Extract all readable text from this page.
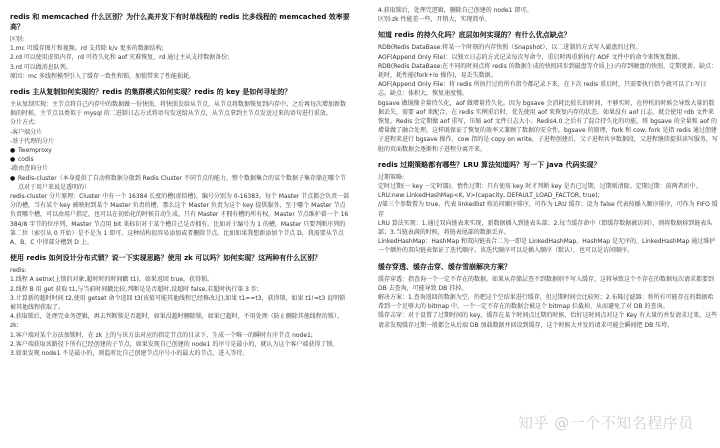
redis 和 memcached 什么区别？为什么高并发下有时单线程的 redis 比多线程的 memcached 效率要高？
区别:
1.mc 可缓存图片和视频。rd 支持除 k/v 更多的数据结构;
2.rd 可以使用虚拟内存，rd 可持久化和 aof 灾难恢复，rd 通过主从支持数据备份;
3.rd 可以做消息队列。
原因：mc 多线程模型引入了缓存一致性和锁，加锁带来了性能损耗。
redis 主从复制如何实现的？redis 的集群模式如何实现？redis 的 key 是如何寻址的？
主从复制实现：主节点将自己内存中的数据做一份快照，将快照发给从节点，从节点将数据恢复到内存中。之后再每次增加新数据的时候，主节点以类似于 mysql 的二进制日志方式将语句发送给从节点，从节点拿到主节点发送过来的语句进行重放。
分片方式:
-客户端分片
-基于代理的分片
● Twemproxy
● codis
-路由查询分片
● Redis-cluster（本身提供了自动将数据分散到 Redis Cluster 不同节点的能力，整个数据集合的某个数据子集存储在哪个节点对于用户来说是透明的）
redis-cluster 分片原理：Cluster 中有一个 16384 长度的槽(虚拟槽)，编号分别为 0-16383。每个 Master 节点都会负责一部分的槽，当有某个 key 被映射到某个 Master 负责的槽，那么这个 Master 负责为这个 key 提供服务，至于哪个 Master 节点负责哪个槽，可以由用户指定，也可以在初始化的时候自动生成，只有 Master 才拥有槽的所有权。Master 节点维护着一个 16384/8 字节的位序列，Master 节点用 bit 来标识对于某个槽自己是否拥有。比如对于编号为 1 的槽，Master 只要判断序列的第二位（索引从 0 开始）是不是为 1 即可。这种结构很容易添加或者删除节点。比如如果我想新添加个节点 D，我需要从节点 A、B、C 中得部分槽到 D 上。
使用 redis 如何设计分布式锁？说一下实现思路？使用 zk 可以吗？如何实现？这两种有什么区别？
redis:
1.线程 A setnx(上锁的对象,超时时的时间戳 t1)，如果返回 true，获得锁。
2.线程 B 用 get 获取 t1,与当前时间戳比较,判断是是否超时,没超时 false,若超时执行第 3 步;
3.计算新的超时时间 t2,使用 getset 命令返回 t3(该值可能其他线程已经修改过),如果 t1==t3，获得锁，如果 t1!=t3 说明锁被其他线程获取了。
4.获取锁后，处理完业务逻辑，再去判断锁是否超时，如果没超时删除锁，如果已超时，不用处理（防止删除其他线程的锁）。
zk:
1.客户端对某个方法加锁时，在 zk 上的与该方法对应的指定节点的目录下，生成一个唯一的瞬时有序节点 node1;
2.客户端获取该路径下所有已经创建的子节点，如果发现自己创建的 node1 的序号是最小的，就认为这个客户端获得了锁。
3.如果发现 node1 不是最小的，则监听比自己创建节点序号小的最大的节点，进入等待。
4.获取锁后，处理完逻辑，删除自己创建的 node1 即可。
区别:zk 性能差一些，开销大，实现简单。
知道 redis 的持久化吗？底层如何实现的？有什么优点缺点？
RDB(Redis DataBase:将某一个时刻的内存快照（Snapshot），以二进制的方式写入磁盘的过程。
AOF(Append Only File)：以独立日志的方式记录每次写命令，重启时再重新执行 AOF 文件中的命令来恢复数据。
RDB(Redis DataBase:在不同的时间点将 redis 的数据生成的快照同步到磁盘等介质上):内存到硬盘的快照，定期更新。缺点：耗时，耗性能(fork+io 操作)，易丢失数据。
AOF(Append Only File：将 redis 所执行过的所有指令都记录下来，在下次 redis 重启时，只需要执行指令就可以了):写日志。缺点：体积大，恢复速度慢。
bgsave 做镜像全量持久化，aof 做增量持久化。因为 bgsave 会消耗比较长的时间，不够实时，在停机的时候会导致大量的数据丢失，需要 aof 来配合，在 redis 实例重启时，优先使用 aof 来恢复内存的状态，如果没有 aof 日志，就会使用 rdb 文件来恢复。Redis 会定期做 aof 重写，压缩 aof 文件日志大小。Redis4.0 之后有了混合持久化的功能，将 bgsave 的全量和 aof 的增量做了融合处理，这样既保证了恢复的效率又兼顾了数据的安全性。bgsave 的原理，fork 和 cow, fork 是指 redis 通过创建子进程来进行 bgsave 操作，cow 指的是 copy on write，子进程创建后，父子进程共享数据段，父进程继续提供读写服务，写脏的页面数据会逐渐和子进程分离开来。
redis 过期策略都有哪些？LRU 算法知道吗？写一下 java 代码实现？
过期策略:
定时过期(一 key 一定时器)，惰性过期：只有使用 key 时才判断 key 是否已过期，过期则清除。定期过期：前两者折中。
LRU:new LinkedHashMap<K, V>(capacity, DEFAULT_LOAD_FACTOR, true);
//第三个参数置为 true，代表 linkedlist 按访问顺序排序，可作为 LRU 缓存；设为 false 代表按插入顺序排序，可作为 FIFO 缓存
LRU 算法实现：1.通过双向链表来实现，新数据插入到链表头部；2.每当缓存命中（即缓存数据被访问），则将数据移到链表头部；3.当链表满的时候，将链表尾部的数据丢弃。
LinkedHashMap：HashMap 和双向链表合二为一即是 LinkedHashMap。HashMap 是无序的，LinkedHashMap 通过维护一个额外的双向链表保证了迭代顺序。该迭代顺序可以是插入顺序（默认），也可以是访问顺序。
缓存穿透、缓存击穿、缓存雪崩解决方案？
缓存穿透：指查询一个一定不存在的数据，如果从存储层查不到数据则不写入缓存，这将导致这个不存在的数据每次请求都要到 DB 去查询，可能导致 DB 挂掉。
解决方案：1.查询返回的数据为空，仍把这个空结果进行缓存，但过期时间会比较短；2.布隆过滤器：将所有可能存在的数据哈希到一个足够大的 bitmap 中，一个一定不存在的数据会被这个 bitmap 拦截掉，从而避免了对 DB 的查询。
缓存击穿：对于设置了过期时间的 key，缓存在某个时间点过期的时候，恰好这时间点对这个 Key 有大量的并发请求过来，这些请求发现缓存过期一般都会从后端 DB 加载数据并回设到缓存，这个时候大并发的请求可能会瞬间把 DB 压垮。
知乎 @一个不知名程序员
